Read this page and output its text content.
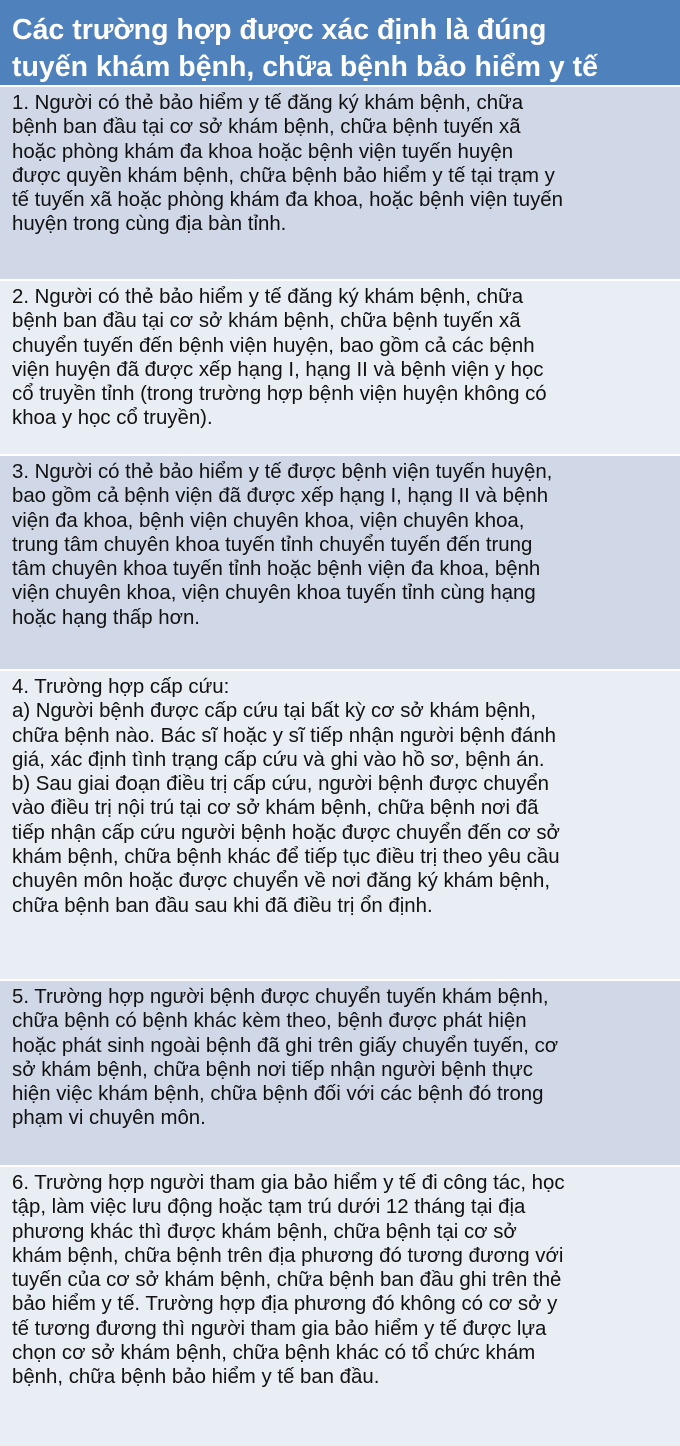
Các trường hợp được xác định là đúng
tuyến khám bệnh, chữa bệnh bảo hiểm y tế
1. Người có thẻ bảo hiểm y tế đăng ký khám bệnh, chữa
bệnh ban đầu tại cơ sở khám bệnh, chữa bệnh tuyến xã
hoặc phòng khám đa khoa hoặc bệnh viện tuyến huyện
được quyền khám bệnh, chữa bệnh bảo hiểm y tế tại trạm y
tế tuyến xã hoặc phòng khám đa khoa, hoặc bệnh viện tuyến
huyện trong cùng địa bàn tỉnh.
2. Người có thẻ bảo hiểm y tế đăng ký khám bệnh, chữa
bệnh ban đầu tại cơ sở khám bệnh, chữa bệnh tuyến xã
chuyển tuyến đến bệnh viện huyện, bao gồm cả các bệnh
viện huyện đã được xếp hạng I, hạng II và bệnh viện y học
cổ truyền tỉnh (trong trường hợp bệnh viện huyện không có
khoa y học cổ truyền).
3. Người có thẻ bảo hiểm y tế được bệnh viện tuyến huyện,
bao gồm cả bệnh viện đã được xếp hạng I, hạng II và bệnh
viện đa khoa, bệnh viện chuyên khoa, viện chuyên khoa,
trung tâm chuyên khoa tuyến tỉnh chuyển tuyến đến trung
tâm chuyên khoa tuyến tỉnh hoặc bệnh viện đa khoa, bệnh
viện chuyên khoa, viện chuyên khoa tuyến tỉnh cùng hạng
hoặc hạng thấp hơn.
4. Trường hợp cấp cứu:
a) Người bệnh được cấp cứu tại bất kỳ cơ sở khám bệnh,
chữa bệnh nào. Bác sĩ hoặc y sĩ tiếp nhận người bệnh đánh
giá, xác định tình trạng cấp cứu và ghi vào hồ sơ, bệnh án.
b) Sau giai đoạn điều trị cấp cứu, người bệnh được chuyển
vào điều trị nội trú tại cơ sở khám bệnh, chữa bệnh nơi đã
tiếp nhận cấp cứu người bệnh hoặc được chuyển đến cơ sở
khám bệnh, chữa bệnh khác để tiếp tục điều trị theo yêu cầu
chuyên môn hoặc được chuyển về nơi đăng ký khám bệnh,
chữa bệnh ban đầu sau khi đã điều trị ổn định.
5. Trường hợp người bệnh được chuyển tuyến khám bệnh,
chữa bệnh có bệnh khác kèm theo, bệnh được phát hiện
hoặc phát sinh ngoài bệnh đã ghi trên giấy chuyển tuyến, cơ
sở khám bệnh, chữa bệnh nơi tiếp nhận người bệnh thực
hiện việc khám bệnh, chữa bệnh đối với các bệnh đó trong
phạm vi chuyên môn.
6. Trường hợp người tham gia bảo hiểm y tế đi công tác, học
tập, làm việc lưu động hoặc tạm trú dưới 12 tháng tại địa
phương khác thì được khám bệnh, chữa bệnh tại cơ sở
khám bệnh, chữa bệnh trên địa phương đó tương đương với
tuyến của cơ sở khám bệnh, chữa bệnh ban đầu ghi trên thẻ
bảo hiểm y tế. Trường hợp địa phương đó không có cơ sở y
tế tương đương thì người tham gia bảo hiểm y tế được lựa
chọn cơ sở khám bệnh, chữa bệnh khác có tổ chức khám
bệnh, chữa bệnh bảo hiểm y tế ban đầu.
